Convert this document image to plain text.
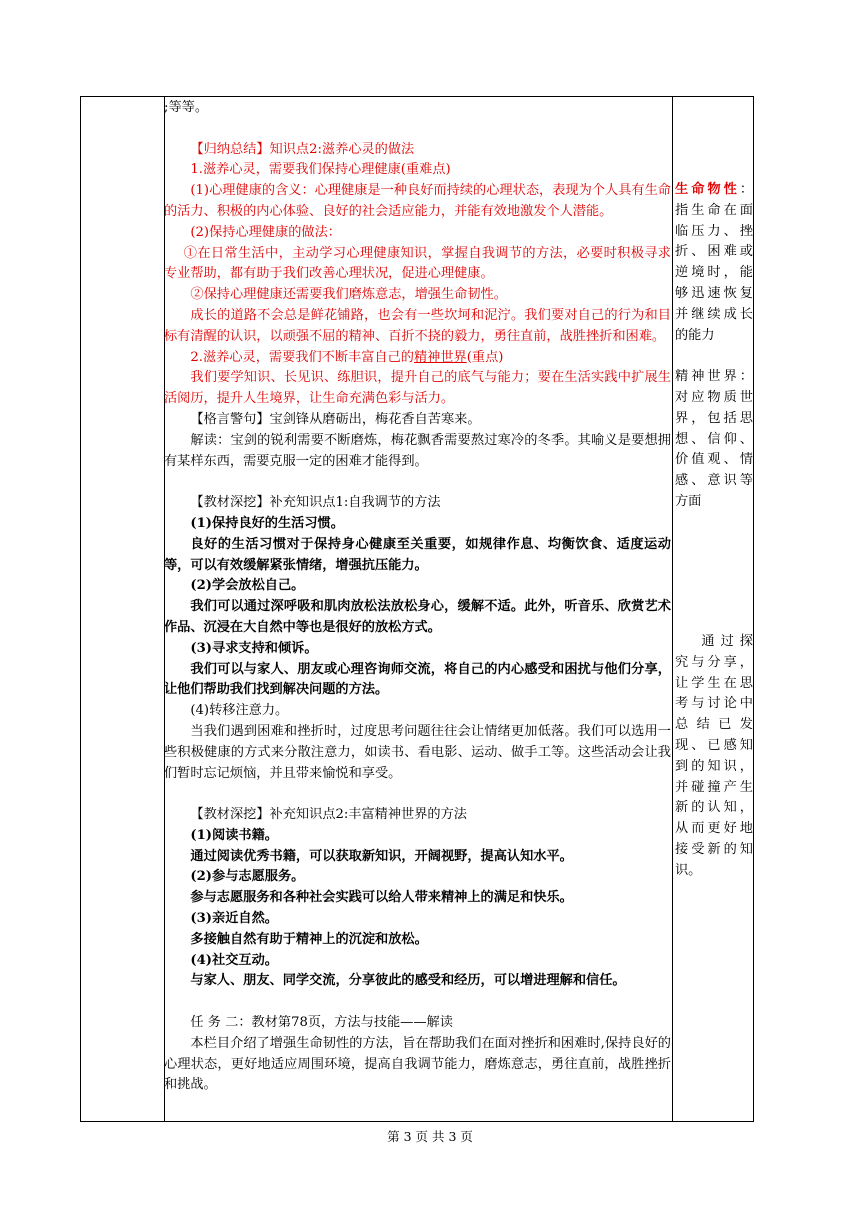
;等等。

【归纳总结】知识点2:滋养心灵的做法

1.滋养心灵，需要我们保持心理健康(重难点)

(1)心理健康的含义：心理健康是一种良好而持续的心理状态，表现为个人具有生命的活力、积极的内心体验、良好的社会适应能力，并能有效地激发个人潜能。

(2)保持心理健康的做法：

①在日常生活中，主动学习心理健康知识，掌握自我调节的方法，必要时积极寻求专业帮助，都有助于我们改善心理状况，促进心理健康。

②保持心理健康还需要我们磨炼意志，增强生命韧性。

成长的道路不会总是鲜花铺路，也会有一些坎坷和泥泞。我们要对自己的行为和目标有清醒的认识，以顽强不屈的精神、百折不挠的毅力，勇往直前，战胜挫折和困难。

2.滋养心灵，需要我们不断丰富自己的精神世界(重点)

我们要学知识、长见识、练胆识，提升自己的底气与能力；要在生活实践中扩展生活阅历，提升人生境界，让生命充满色彩与活力。

【格言警句】宝剑锋从磨砺出，梅花香自苦寒来。

解读：宝剑的锐利需要不断磨炼，梅花飘香需要熬过寒冷的冬季。其喻义是要想拥有某样东西，需要克服一定的困难才能得到。

【教材深挖】补充知识点1:自我调节的方法

(1)保持良好的生活习惯。

良好的生活习惯对于保持身心健康至关重要，如规律作息、均衡饮食、适度运动等，可以有效缓解紧张情绪，增强抗压能力。

(2)学会放松自己。

我们可以通过深呼吸和肌肉放松法放松身心，缓解不适。此外，听音乐、欣赏艺术作品、沉浸在大自然中等也是很好的放松方式。

(3)寻求支持和倾诉。

我们可以与家人、朋友或心理咨询师交流，将自己的内心感受和困扰与他们分享，让他们帮助我们找到解决问题的方法。

(4)转移注意力。

当我们遇到困难和挫折时，过度思考问题往往会让情绪更加低落。我们可以选用一些积极健康的方式来分散注意力，如读书、看电影、运动、做手工等。这些活动会让我们暂时忘记烦恼，并且带来愉悦和享受。

【教材深挖】补充知识点2:丰富精神世界的方法

(1)阅读书籍。

通过阅读优秀书籍，可以获取新知识，开阔视野，提高认知水平。

(2)参与志愿服务。

参与志愿服务和各种社会实践可以给人带来精神上的满足和快乐。

(3)亲近自然。

多接触自然有助于精神上的沉淀和放松。

(4)社交互动。

与家人、朋友、同学交流，分享彼此的感受和经历，可以增进理解和信任。

任 务 二：教材第78页，方法与技能——解读

本栏目介绍了增强生命韧性的方法，旨在帮助我们在面对挫折和困难时,保持良好的心理状态，更好地适应周围环境，提高自我调节能力，磨炼意志，勇往直前，战胜挫折和挑战。

生命物性：指生命在面临压力、挫折、困难或逆境时，能够迅速恢复并继续成长的能力

精神世界：对应物质世界，包括思想、信仰、价值观、情感、意识等方面

通过探究与分享，让学生在思考与讨论中总结已发现、已感知到的知识，并碰撞产生新的认知，从而更好地接受新的知识。

第 3 页 共 3 页
